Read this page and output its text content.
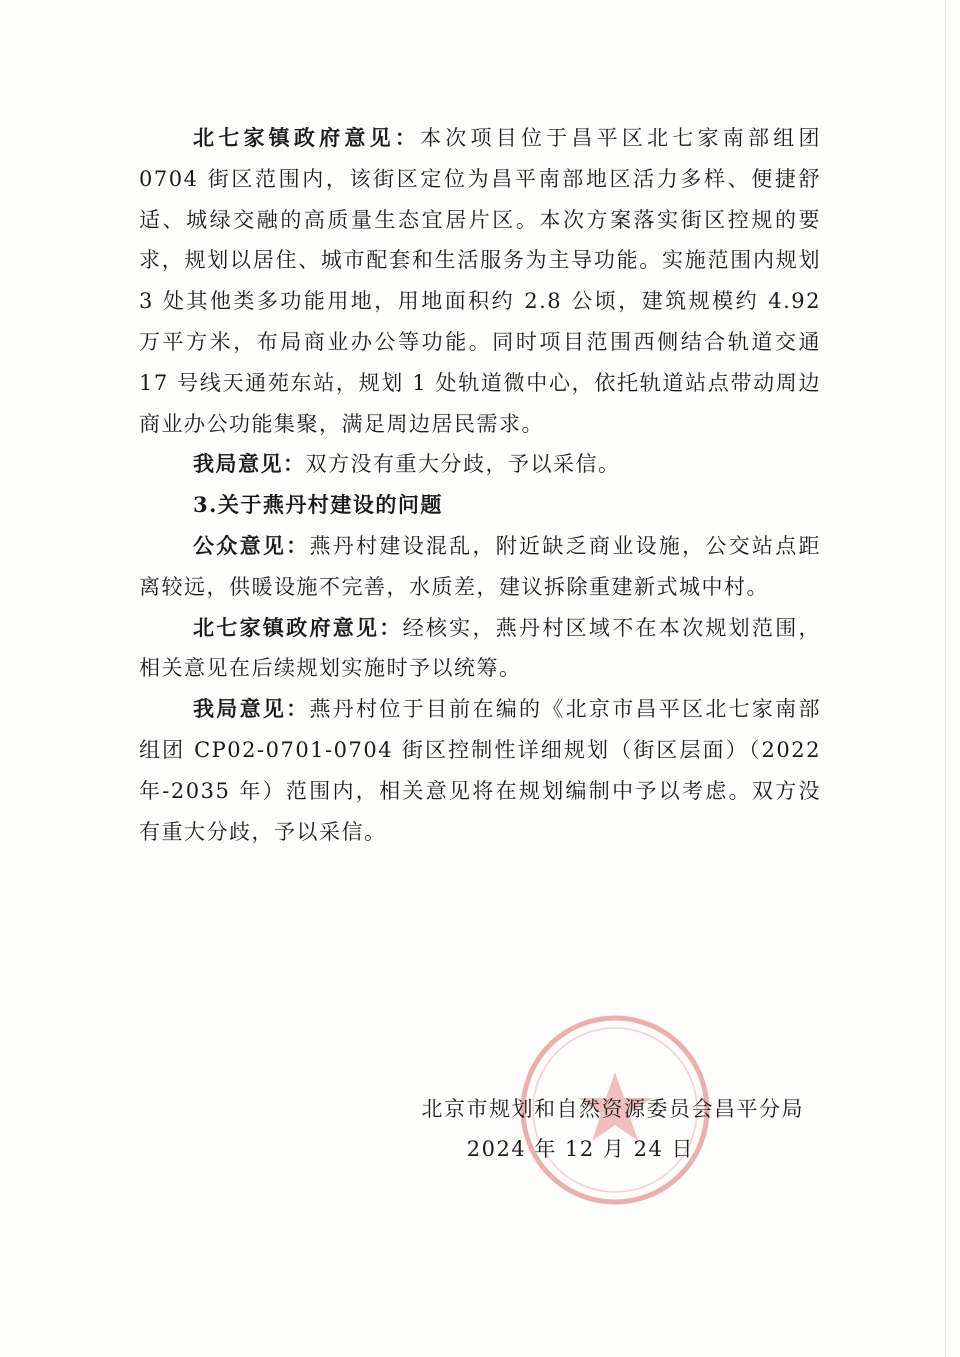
北七家镇政府意见：本次项目位于昌平区北七家南部组团 0704 街区范围内，该街区定位为昌平南部地区活力多样、便捷舒适、城绿交融的高质量生态宜居片区。本次方案落实街区控规的要求，规划以居住、城市配套和生活服务为主导功能。实施范围内规划 3 处其他类多功能用地，用地面积约 2.8 公顷，建筑规模约 4.92 万平方米，布局商业办公等功能。同时项目范围西侧结合轨道交通 17 号线天通苑东站，规划 1 处轨道微中心，依托轨道站点带动周边商业办公功能集聚，满足周边居民需求。

我局意见：双方没有重大分歧，予以采信。

3.关于燕丹村建设的问题

公众意见：燕丹村建设混乱，附近缺乏商业设施，公交站点距离较远，供暖设施不完善，水质差，建议拆除重建新式城中村。

北七家镇政府意见：经核实，燕丹村区域不在本次规划范围，相关意见在后续规划实施时予以统筹。

我局意见：燕丹村位于目前在编的《北京市昌平区北七家南部组团 CP02-0701-0704 街区控制性详细规划（街区层面）（2022 年-2035 年）范围内，相关意见将在规划编制中予以考虑。双方没有重大分歧，予以采信。

北京市规划和自然资源委员会昌平分局
2024 年 12 月 24 日
